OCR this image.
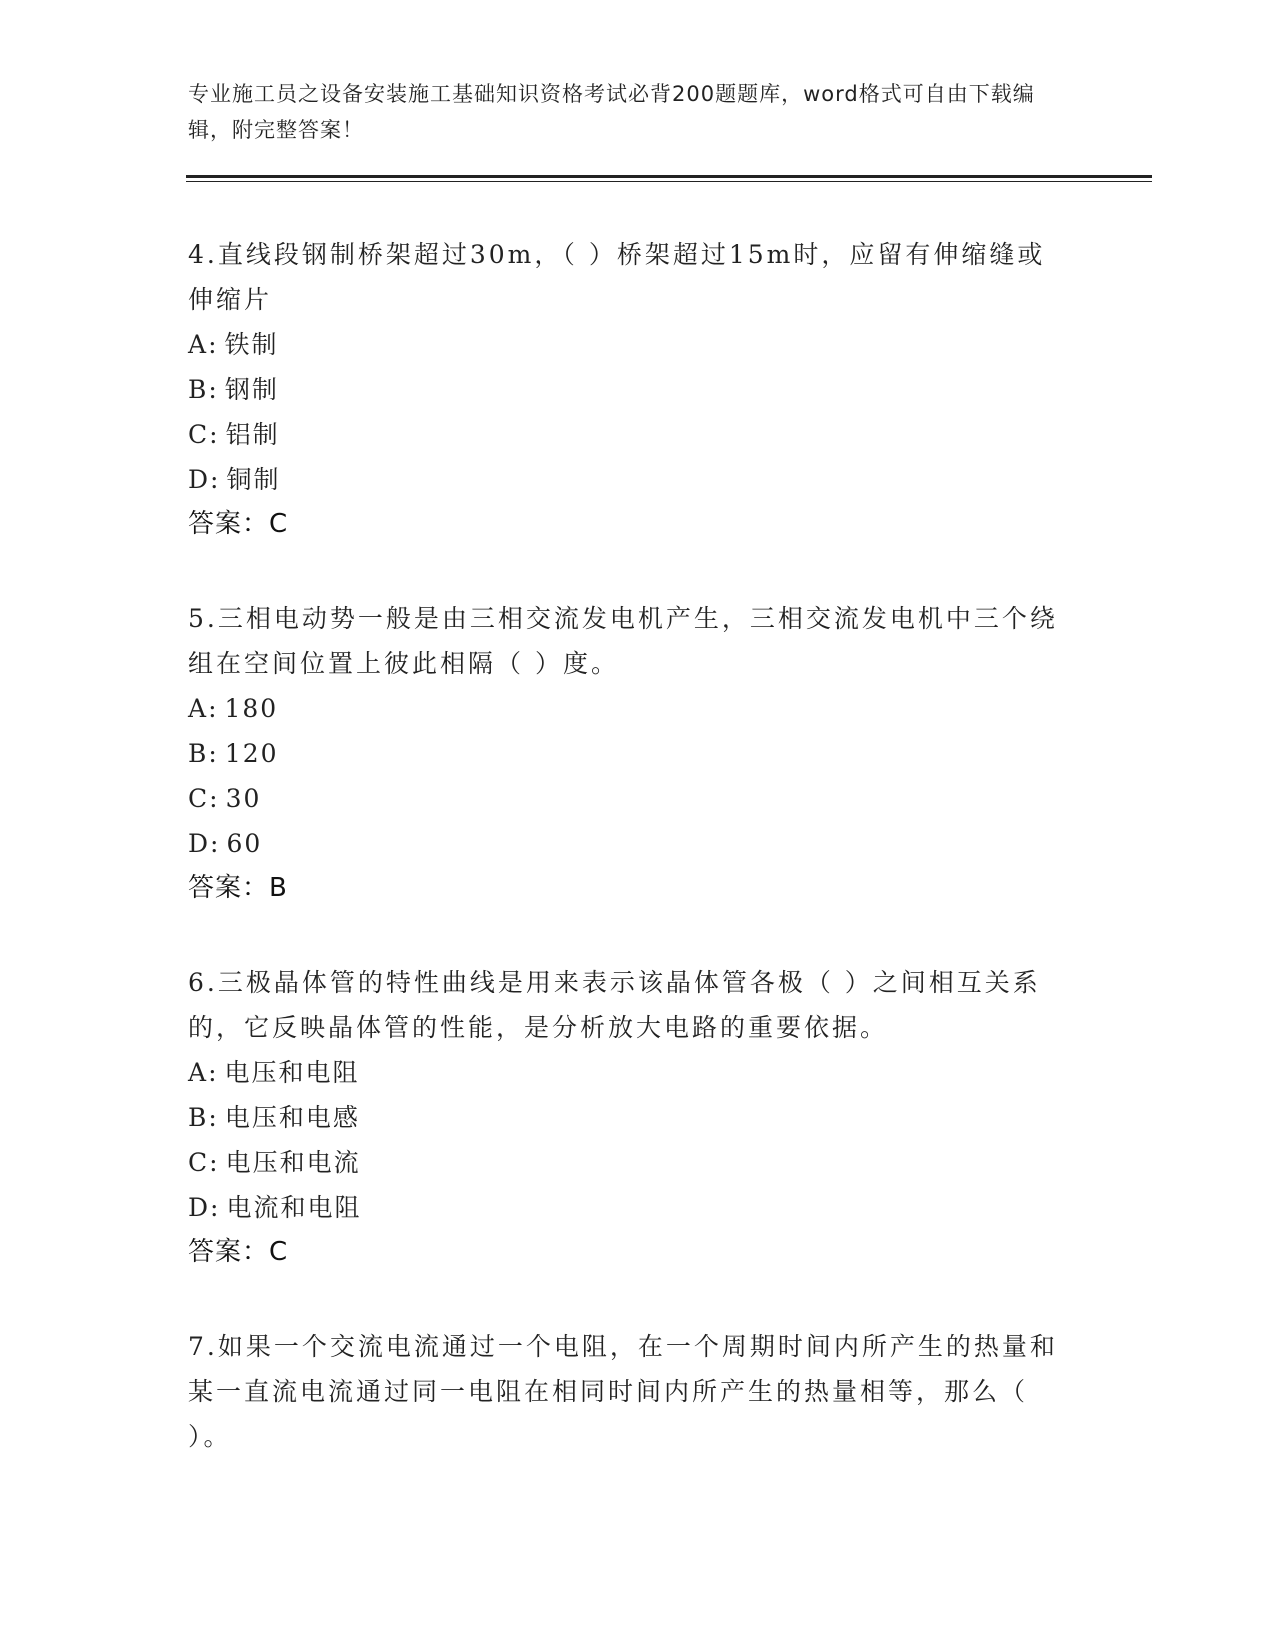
专业施工员之设备安装施工基础知识资格考试必背200题题库，word格式可自由下载编辑，附完整答案！

4.直线段钢制桥架超过30m，（ ）桥架超过15m时，应留有伸缩缝或伸缩片

A: 铁制

B: 钢制

C: 铝制

D: 铜制

答案：C

5.三相电动势一般是由三相交流发电机产生，三相交流发电机中三个绕组在空间位置上彼此相隔（ ）度。

A: 180

B: 120

C: 30

D: 60

答案：B

6.三极晶体管的特性曲线是用来表示该晶体管各极（ ）之间相互关系的，它反映晶体管的性能，是分析放大电路的重要依据。

A: 电压和电阻

B: 电压和电感

C: 电压和电流

D: 电流和电阻

答案：C

7.如果一个交流电流通过一个电阻，在一个周期时间内所产生的热量和某一直流电流通过同一电阻在相同时间内所产生的热量相等，那么（ ）。
